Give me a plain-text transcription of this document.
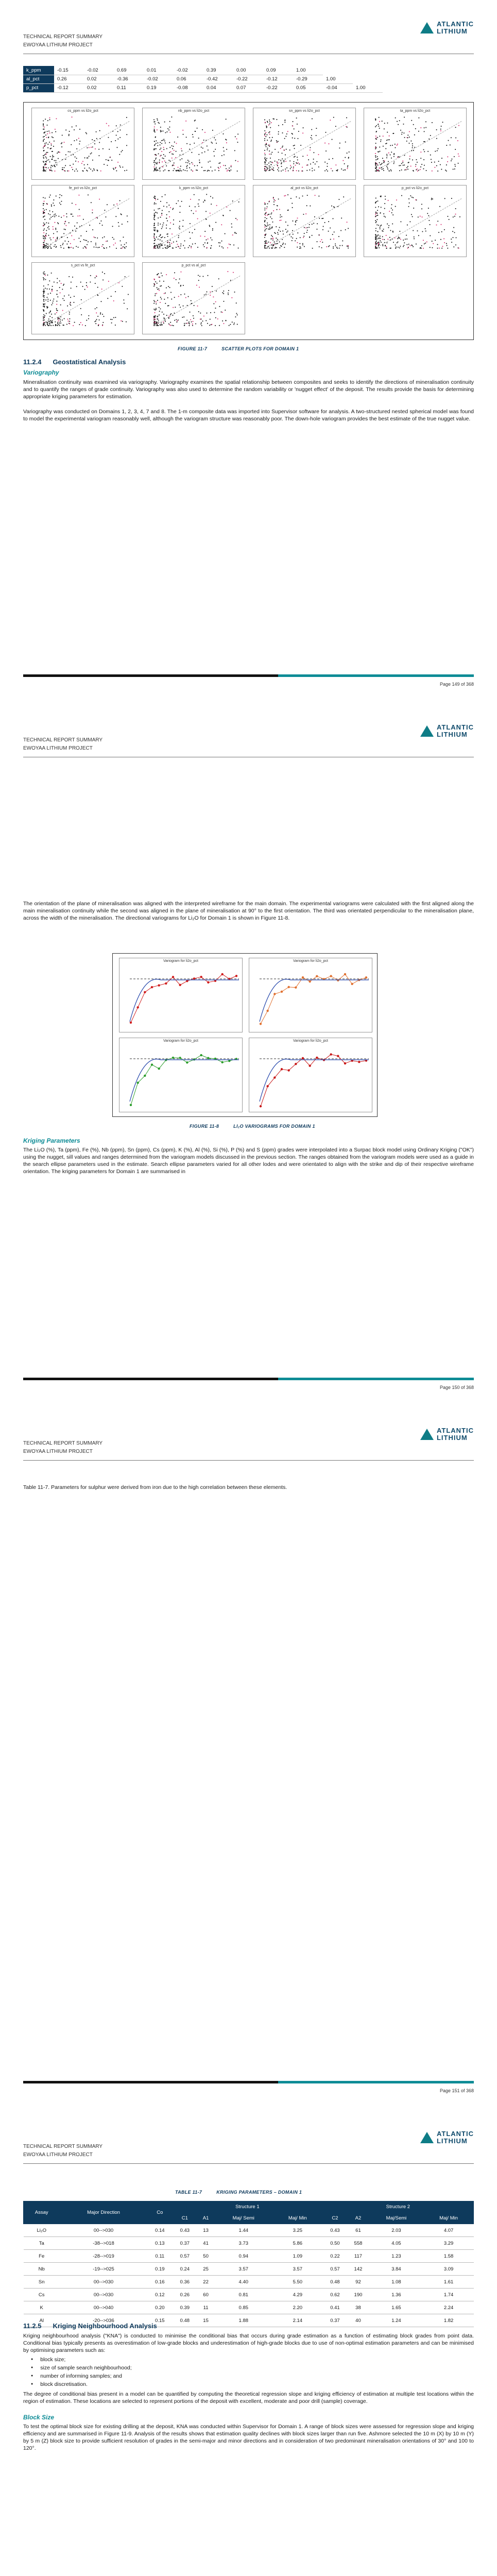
TECHNICAL REPORT SUMMARY
EWOYAA LITHIUM PROJECT
ATLANTIC
LITHIUM
k_ppm	-0.15	-0.02	0.69	0.01	-0.02	0.39	0.00	0.09	1.00		
al_pct	0.26	0.02	-0.36	-0.02	0.06	-0.42	-0.22	-0.12	-0.29	1.00	
p_pct	-0.12	0.02	0.11	0.19	-0.08	0.04	0.07	-0.22	0.05	-0.04	1.00
cs_ppm vs li2o_pct	nb_ppm vs li2o_pct	sn_ppm vs li2o_pct	ta_ppm vs li2o_pct
fe_pct vs li2o_pct	k_ppm vs li2o_pct	al_pct vs li2o_pct	p_pct vs li2o_pct
s_pct vs fe_pct	p_pct vs al_pct
FIGURE 11-7	SCATTER PLOTS FOR DOMAIN 1
11.2.4 Geostatistical Analysis
Variography

Mineralisation continuity was examined via variography. Variography examines the spatial relationship between composites and seeks to identify the directions of mineralisation continuity and to quantify the ranges of grade continuity. Variography was also used to determine the random variability or 'nugget effect' of the deposit. The results provide the basis for determining appropriate kriging parameters for estimation.

Variography was conducted on Domains 1, 2, 3, 4, 7 and 8. The 1-m composite data was imported into Supervisor software for analysis. A two-structured nested spherical model was found to model the experimental variogram reasonably well, although the variogram structure was reasonably poor. The down-hole variogram provides the best estimate of the true nugget value.

Page 149 of 368
TECHNICAL REPORT SUMMARY
EWOYAA LITHIUM PROJECT
ATLANTIC
LITHIUM

The orientation of the plane of mineralisation was aligned with the interpreted wireframe for the main domain. The experimental variograms were calculated with the first aligned along the main mineralisation continuity while the second was aligned in the plane of mineralisation at 90° to the first orientation. The third was orientated perpendicular to the mineralisation plane, across the width of the mineralisation. The directional variograms for Li₂O for Domain 1 is shown in Figure 11-8.

Variogram for li2o_pct	Variogram for li2o_pct
Variogram for li2o_pct	Variogram for li2o_pct
FIGURE 11-8	LI₂O VARIOGRAMS FOR DOMAIN 1
Kriging Parameters

The Li₂O (%), Ta (ppm), Fe (%), Nb (ppm), Sn (ppm), Cs (ppm), K (%), Al (%), Si (%), P (%) and S (ppm) grades were interpolated into a Surpac block model using Ordinary Kriging ("OK") using the nugget, sill values and ranges determined from the variogram models discussed in the previous section. The ranges obtained from the variogram models were used as a guide in the search ellipse parameters used in the estimate. Search ellipse parameters varied for all other lodes and were orientated to align with the strike and dip of their respective wireframe orientation. The kriging parameters for Domain 1 are summarised in

Page 150 of 368
TECHNICAL REPORT SUMMARY
EWOYAA LITHIUM PROJECT
ATLANTIC
LITHIUM

Table 11-7. Parameters for sulphur were derived from iron due to the high correlation between these elements.

Page 151 of 368
TECHNICAL REPORT SUMMARY
EWOYAA LITHIUM PROJECT
ATLANTIC
LITHIUM
TABLE 11-7	KRIGING PARAMETERS – DOMAIN 1
Assay	Major Direction	Co	Structure 1				Structure 2			
			C1	A1	Maj/ Semi	Maj/ Min	C2	A2	Maj/Semi	Maj/ Min
Li₂O	00-->030	0.14	0.43	13	1.44	3.25	0.43	61	2.03	4.07
Ta	-38-->018	0.13	0.37	41	3.73	5.86	0.50	558	4.05	3.29
Fe	-28-->019	0.11	0.57	50	0.94	1.09	0.22	117	1.23	1.58
Nb	-19-->025	0.19	0.24	25	3.57	3.57	0.57	142	3.84	3.09
Sn	00-->030	0.16	0.36	22	4.40	5.50	0.48	92	1.08	1.61
Cs	00-->030	0.12	0.26	60	0.81	4.29	0.62	190	1.36	1.74
K	00-->040	0.20	0.39	11	0.85	2.20	0.41	38	1.65	2.24
Al	-20-->036	0.15	0.48	15	1.88	2.14	0.37	40	1.24	1.82
11.2.5 Kriging Neighbourhood Analysis

Kriging neighbourhood analysis ("KNA") is conducted to minimise the conditional bias that occurs during grade estimation as a function of estimating block grades from point data. Conditional bias typically presents as overestimation of low-grade blocks and underestimation of high-grade blocks due to use of non-optimal estimation parameters and can be minimised by optimising parameters such as:

● block size;
● size of sample search neighbourhood;
● number of informing samples; and
● block discretisation.

The degree of conditional bias present in a model can be quantified by computing the theoretical regression slope and kriging efficiency of estimation at multiple test locations within the region of estimation. These locations are selected to represent portions of the deposit with excellent, moderate and poor drill (sample) coverage.

Block Size

To test the optimal block size for existing drilling at the deposit, KNA was conducted within Supervisor for Domain 1. A range of block sizes were assessed for regression slope and kriging efficiency and are summarised in Figure 11-9. Analysis of the results shows that estimation quality declines with block sizes larger than run five. Ashmore selected the 10 m (X) by 10 m (Y) by 5 m (Z) block size to provide sufficient resolution of grades in the semi-major and minor directions and in consideration of two predominant mineralisation orientations of 30° and 100 to 120°.
